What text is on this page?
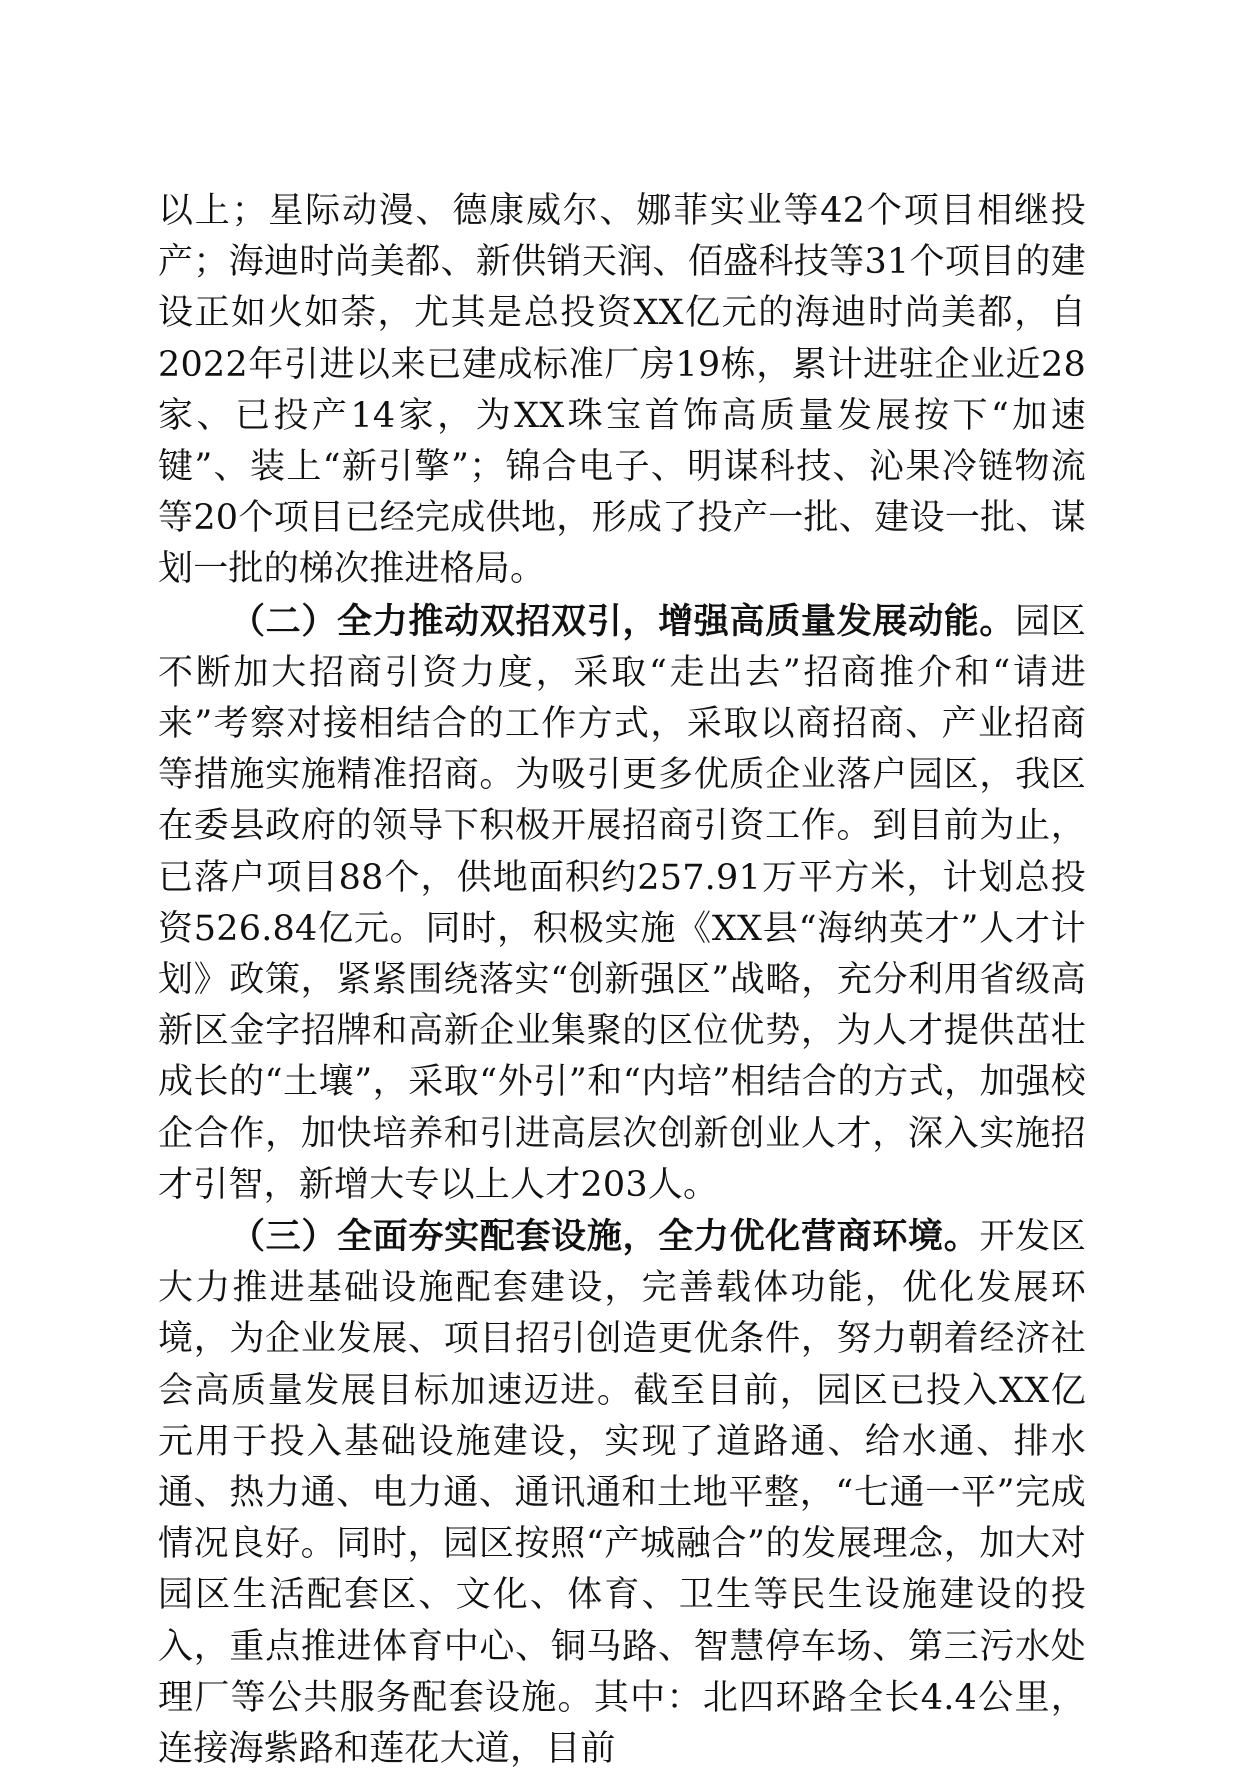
以上；星际动漫、德康威尔、娜菲实业等42个项目相继投产；海迪时尚美都、新供销天润、佰盛科技等31个项目的建设正如火如荼，尤其是总投资XX亿元的海迪时尚美都，自2022年引进以来已建成标准厂房19栋，累计进驻企业近28家、已投产14家，为XX珠宝首饰高质量发展按下“加速键”、装上“新引擎”；锦合电子、明谋科技、沁果冷链物流等20个项目已经完成供地，形成了投产一批、建设一批、谋划一批的梯次推进格局。

（二）全力推动双招双引，增强高质量发展动能。园区不断加大招商引资力度，采取“走出去”招商推介和“请进来”考察对接相结合的工作方式，采取以商招商、产业招商等措施实施精准招商。为吸引更多优质企业落户园区，我区在委县政府的领导下积极开展招商引资工作。到目前为止，已落户项目88个，供地面积约257.91万平方米，计划总投资526.84亿元。同时，积极实施《XX县“海纳英才”人才计划》政策，紧紧围绕落实“创新强区”战略，充分利用省级高新区金字招牌和高新企业集聚的区位优势，为人才提供茁壮成长的“土壤”，采取“外引”和“内培”相结合的方式，加强校企合作，加快培养和引进高层次创新创业人才，深入实施招才引智，新增大专以上人才203人。

（三）全面夯实配套设施，全力优化营商环境。开发区大力推进基础设施配套建设，完善载体功能，优化发展环境，为企业发展、项目招引创造更优条件，努力朝着经济社会高质量发展目标加速迈进。截至目前，园区已投入XX亿元用于投入基础设施建设，实现了道路通、给水通、排水通、热力通、电力通、通讯通和土地平整，“七通一平”完成情况良好。同时，园区按照“产城融合”的发展理念，加大对园区生活配套区、文化、体育、卫生等民生设施建设的投入，重点推进体育中心、铜马路、智慧停车场、第三污水处理厂等公共服务配套设施。其中：北四环路全长4.4公里，连接海紫路和莲花大道，目前
